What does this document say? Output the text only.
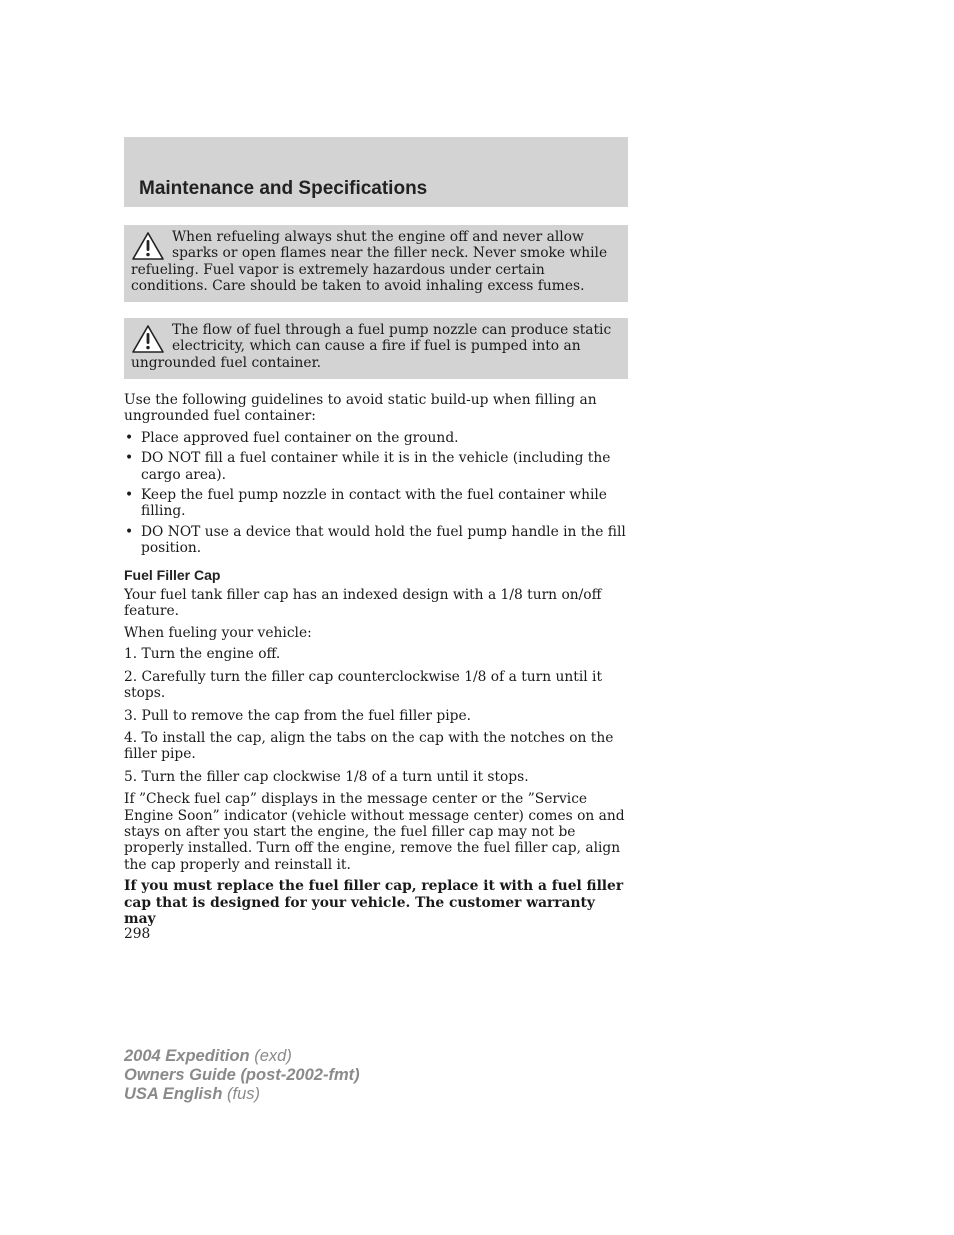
Maintenance and Specifications
When refueling always shut the engine off and never allow sparks or open flames near the filler neck. Never smoke while refueling. Fuel vapor is extremely hazardous under certain conditions. Care should be taken to avoid inhaling excess fumes.
The flow of fuel through a fuel pump nozzle can produce static electricity, which can cause a fire if fuel is pumped into an ungrounded fuel container.

Use the following guidelines to avoid static build-up when filling an ungrounded fuel container:

• Place approved fuel container on the ground.
• DO NOT fill a fuel container while it is in the vehicle (including the cargo area).
• Keep the fuel pump nozzle in contact with the fuel container while filling.
• DO NOT use a device that would hold the fuel pump handle in the fill position.
Fuel Filler Cap

Your fuel tank filler cap has an indexed design with a 1/8 turn on/off feature.

When fueling your vehicle:

1. Turn the engine off.

2. Carefully turn the filler cap counterclockwise 1/8 of a turn until it stops.

3. Pull to remove the cap from the fuel filler pipe.

4. To install the cap, align the tabs on the cap with the notches on the filler pipe.

5. Turn the filler cap clockwise 1/8 of a turn until it stops.

If ”Check fuel cap” displays in the message center or the ”Service Engine Soon” indicator (vehicle without message center) comes on and stays on after you start the engine, the fuel filler cap may not be properly installed. Turn off the engine, remove the fuel filler cap, align the cap properly and reinstall it.

If you must replace the fuel filler cap, replace it with a fuel filler cap that is designed for your vehicle. The customer warranty may

298
2004 Expedition (exd)
Owners Guide (post-2002-fmt)
USA English (fus)
